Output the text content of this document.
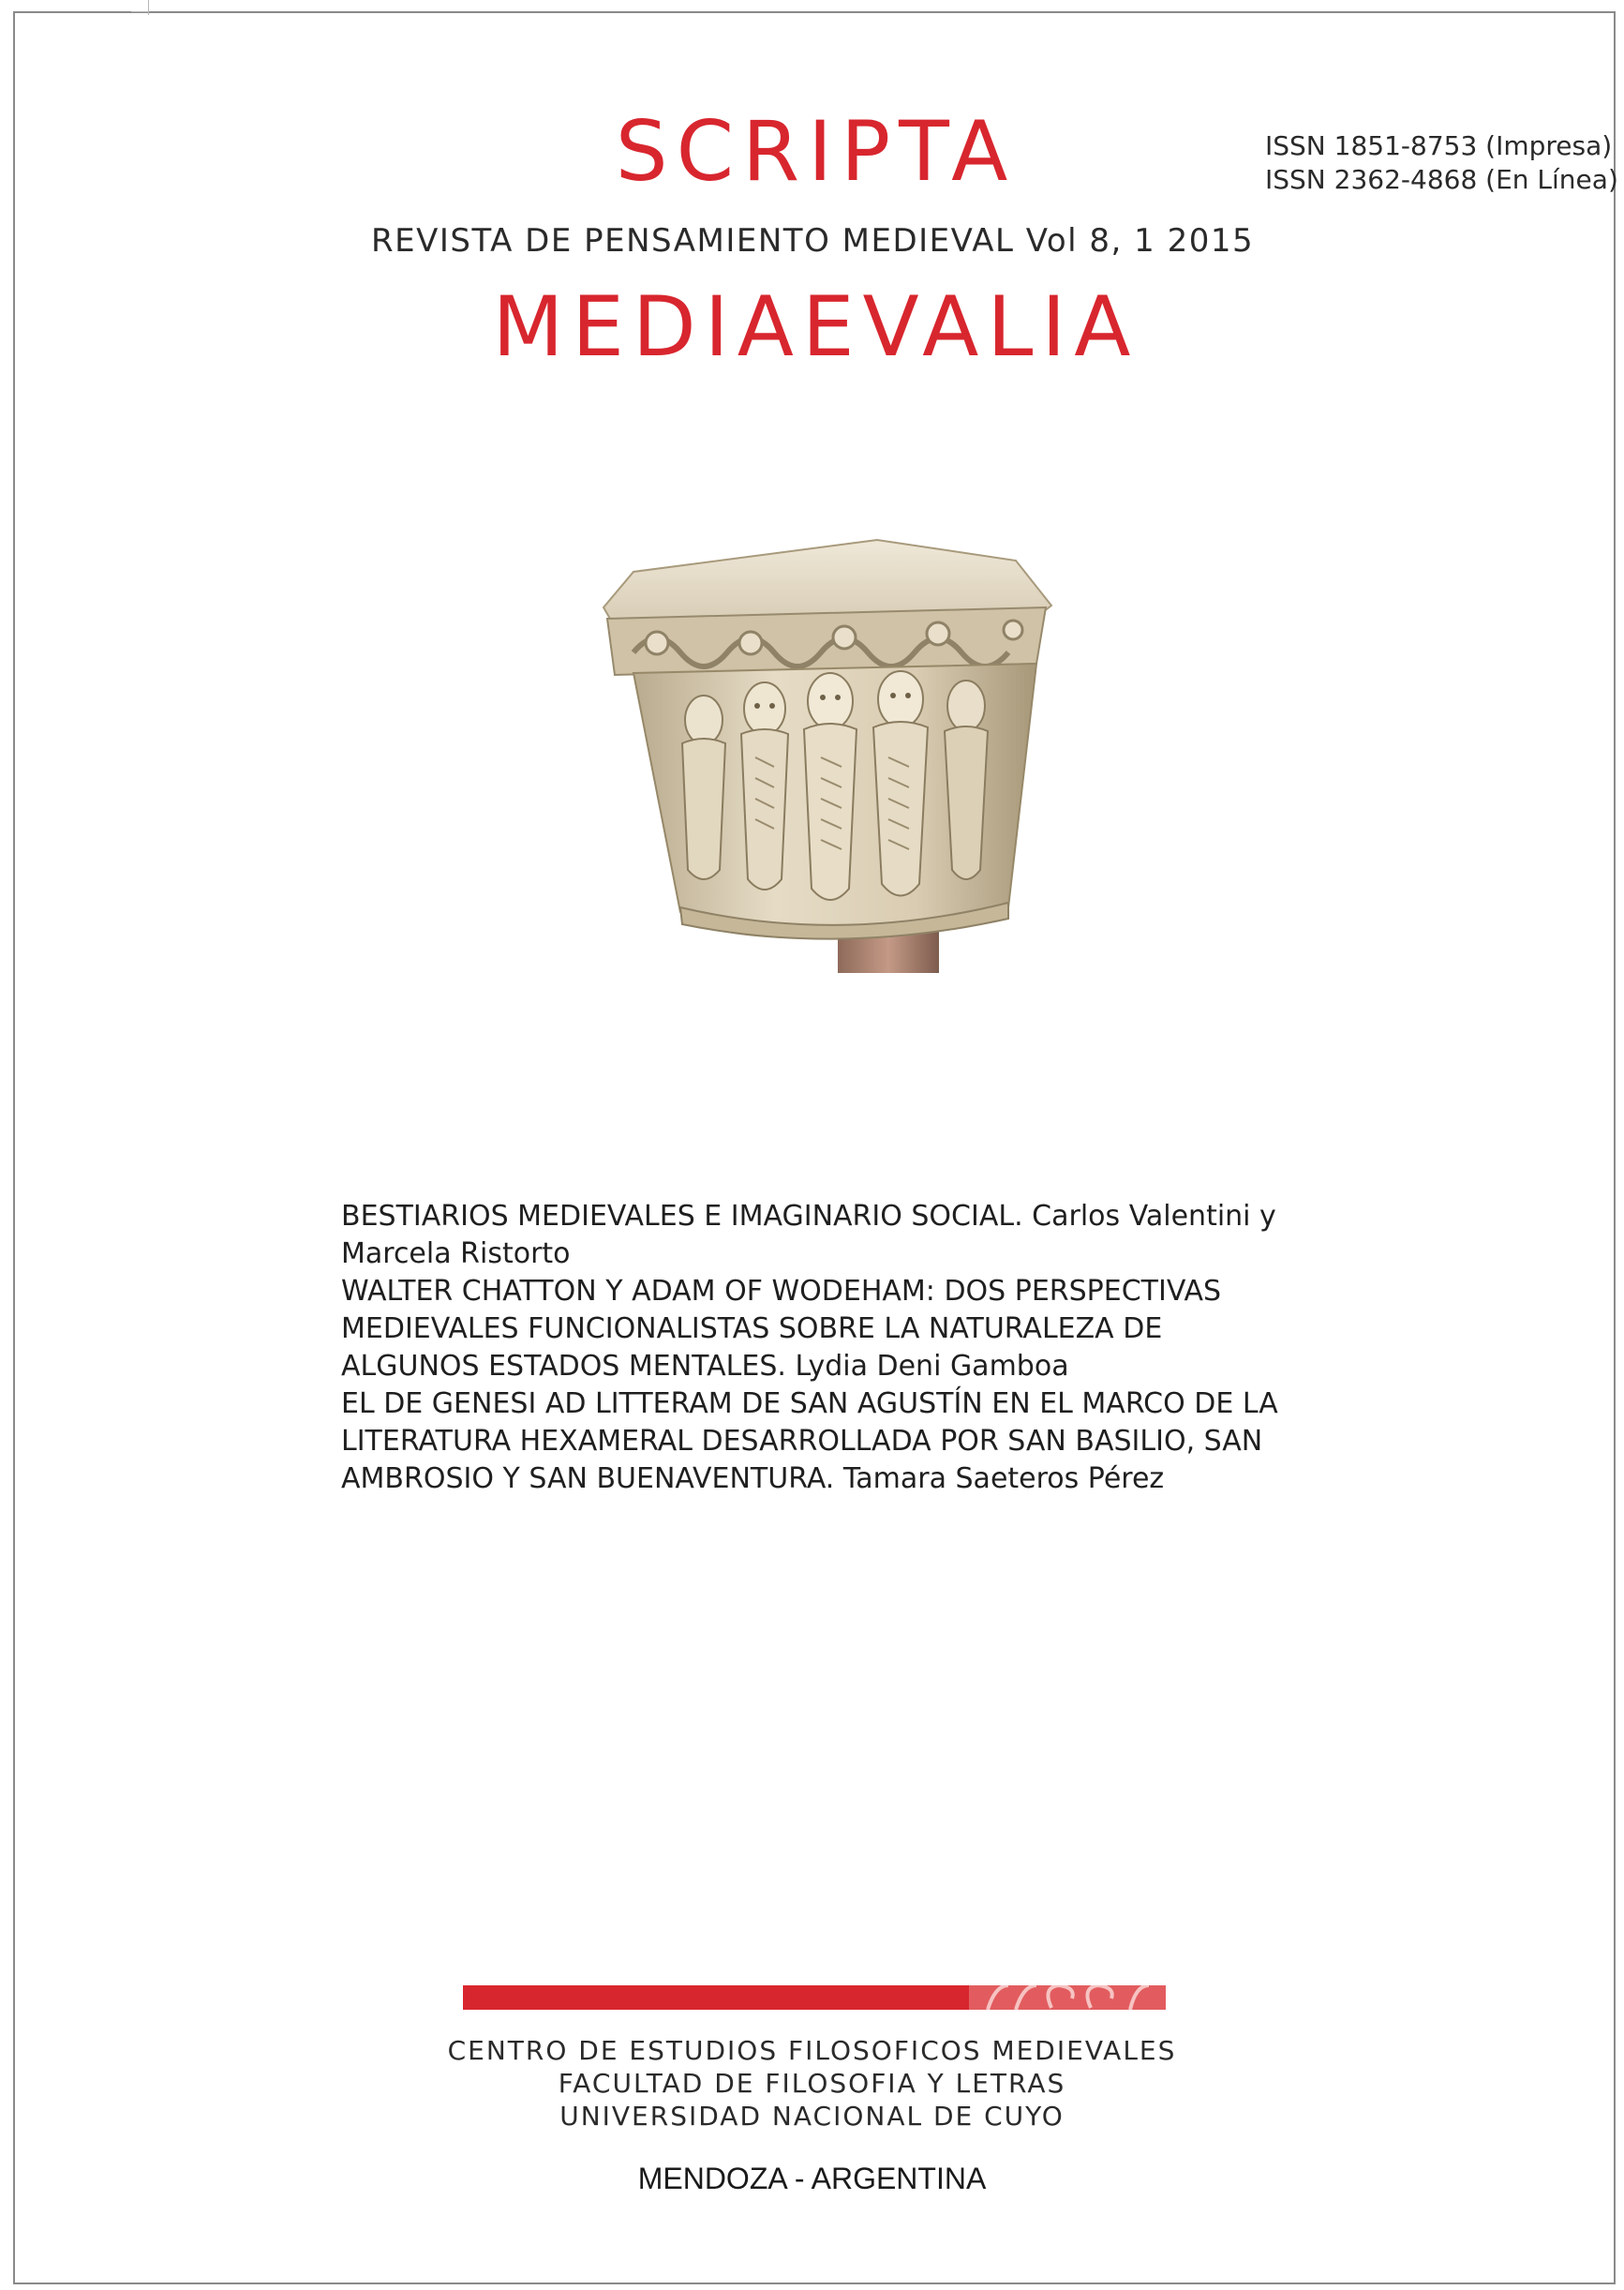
SCRIPTA
REVISTA DE PENSAMIENTO MEDIEVAL Vol 8, 1 2015
MEDIAEVALIA
ISSN 1851-8753 (Impresa)
ISSN 2362-4868 (En Línea)
BESTIARIOS MEDIEVALES E IMAGINARIO SOCIAL. Carlos Valentini y Marcela Ristorto
WALTER CHATTON Y ADAM OF WODEHAM: DOS PERSPECTIVAS MEDIEVALES FUNCIONALISTAS SOBRE LA NATURALEZA DE ALGUNOS ESTADOS MENTALES. Lydia Deni Gamboa
EL DE GENESI AD LITTERAM DE SAN AGUSTÍN EN EL MARCO DE LA LITERATURA HEXAMERAL DESARROLLADA POR SAN BASILIO, SAN AMBROSIO Y SAN BUENAVENTURA. Tamara Saeteros Pérez
CENTRO DE ESTUDIOS FILOSOFICOS MEDIEVALES
FACULTAD DE FILOSOFIA Y LETRAS
UNIVERSIDAD NACIONAL DE CUYO
MENDOZA - ARGENTINA
